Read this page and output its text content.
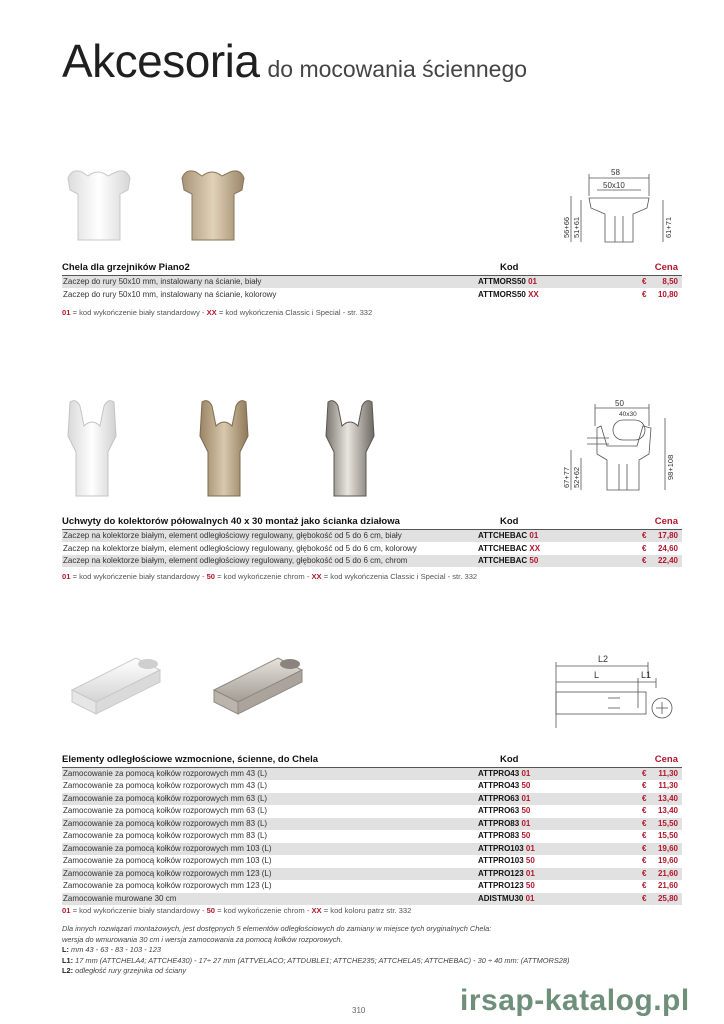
Akcesoria do mocowania ściennego
58
50x10
56+66 51+61	61+71
Chela dla grzejników Piano2	Kod	Cena
Zaczep do rury 50x10 mm, instalowany na ścianie, biały	ATTMORS50 01	€ 8,50
Zaczep do rury 50x10 mm, instalowany na ścianie, kolorowy	ATTMORS50 XX	€ 10,80
01 = kod wykończenie biały standardowy - XX = kod wykończenia Classic i Special - str. 332
50
40x30
67+77 52+62	98+108
Uchwyty do kolektorów półowalnych 40 x 30 montaż jako ścianka działowa	Kod	Cena
Zaczep na kolektorze białym, element odległościowy regulowany, głębokość od 5 do 6 cm, biały	ATTCHEBAC 01	€ 17,80
Zaczep na kolektorze białym, element odległościowy regulowany, głębokość od 5 do 6 cm, kolorowy	ATTCHEBAC XX	€ 24,60
Zaczep na kolektorze białym, element odległościowy regulowany, głębokość od 5 do 6 cm, chrom	ATTCHEBAC 50	€ 22,40
01 = kod wykończenie biały standardowy - 50 = kod wykończenie chrom - XX = kod wykończenia Classic i Special - str. 332
L2
L	L1
Elementy odległościowe wzmocnione, ścienne, do Chela	Kod	Cena
Zamocowanie za pomocą kołków rozporowych mm 43 (L)	ATTPRO43 01	€ 11,30
Zamocowanie za pomocą kołków rozporowych mm 43 (L)	ATTPRO43 50	€ 11,30
Zamocowanie za pomocą kołków rozporowych mm 63 (L)	ATTPRO63 01	€ 13,40
Zamocowanie za pomocą kołków rozporowych mm 63 (L)	ATTPRO63 50	€ 13,40
Zamocowanie za pomocą kołków rozporowych mm 83 (L)	ATTPRO83 01	€ 15,50
Zamocowanie za pomocą kołków rozporowych mm 83 (L)	ATTPRO83 50	€ 15,50
Zamocowanie za pomocą kołków rozporowych mm 103 (L)	ATTPRO103 01	€ 19,60
Zamocowanie za pomocą kołków rozporowych mm 103 (L)	ATTPRO103 50	€ 19,60
Zamocowanie za pomocą kołków rozporowych mm 123 (L)	ATTPRO123 01	€ 21,60
Zamocowanie za pomocą kołków rozporowych mm 123 (L)	ATTPRO123 50	€ 21,60
Zamocowanie murowane 30 cm	ADISTMU30 01	€ 25,80
01 = kod wykończenie biały standardowy - 50 = kod wykończenie chrom - XX = kod koloru patrz str. 332
Dla innych rozwiązań montażowych, jest dostępnych 5 elementów odległościowych do zamiany w miejsce tych oryginalnych Chela:
wersja do wmurowania 30 cm i wersja zamocowania za pomocą kołków rozporowych.
L: mm 43 - 63 - 83 - 103 - 123
L1: 17 mm (ATTCHELA4; ATTCHE430) - 17÷ 27 mm (ATTVELACO; ATTDUBLE1; ATTCHE235; ATTCHELA5; ATTCHEBAC) - 30 ÷ 40 mm: (ATTMORS28)
L2: odległość rury grzejnika od ściany
310	irsap-katalog.pl
